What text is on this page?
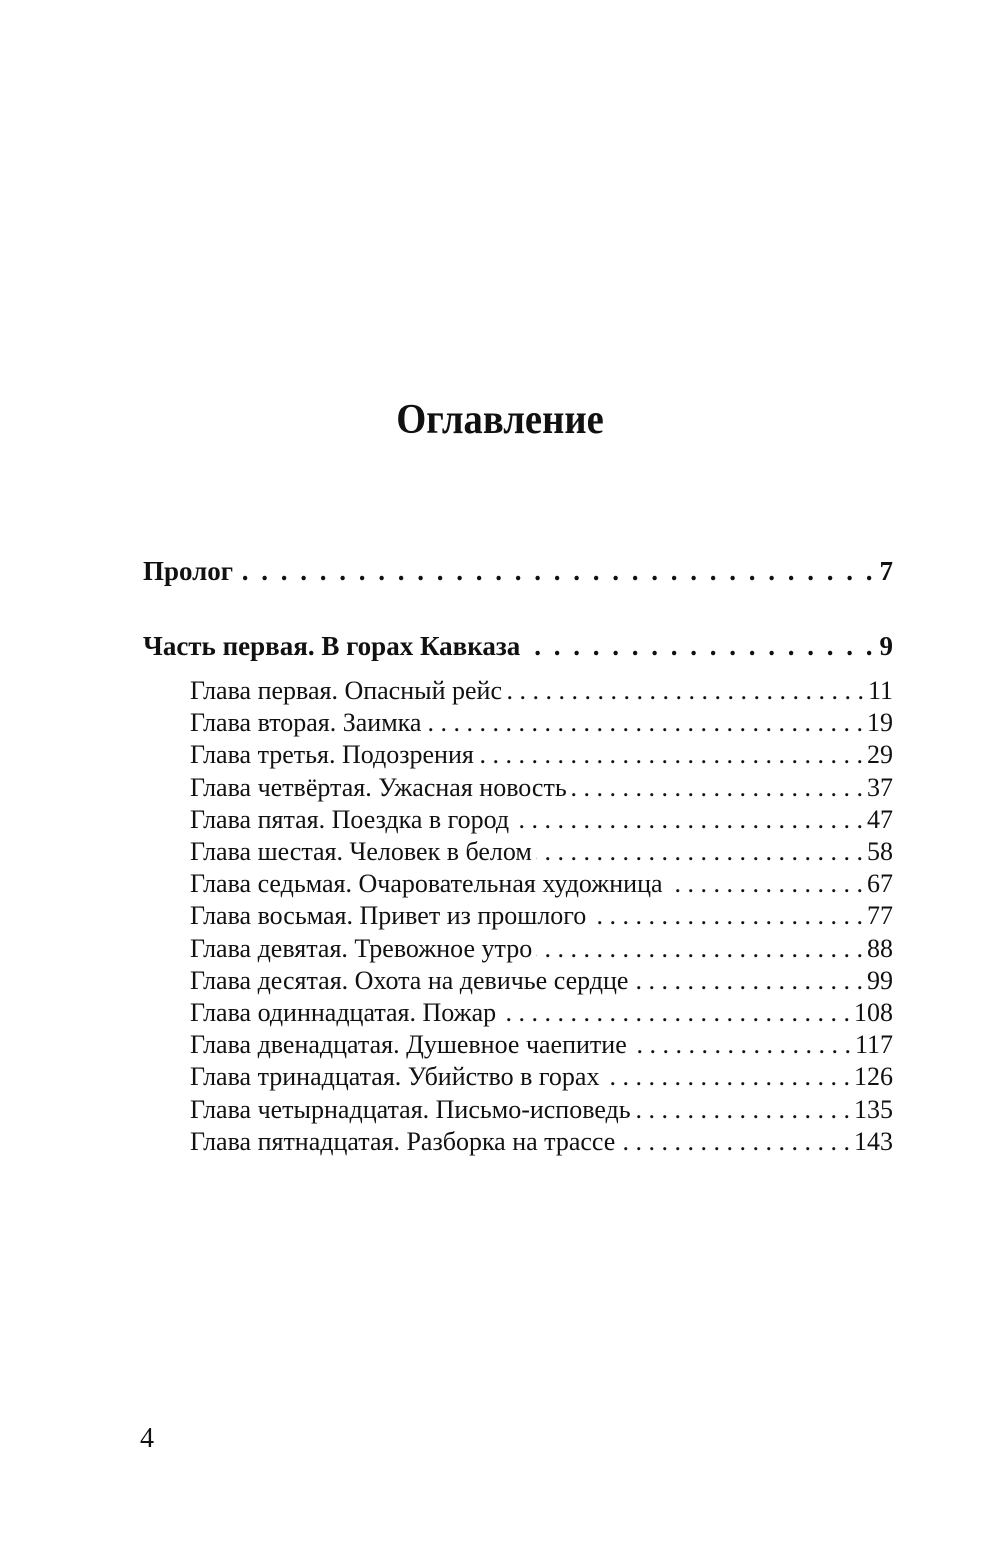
Оглавление
Пролог . . .	7
Часть первая. В горах Кавказа . . .	9
Глава первая. Опасный рейс . . .	11
Глава вторая. Заимка . . .	19
Глава третья. Подозрения . . .	29
Глава четвёртая. Ужасная новость . . .	37
Глава пятая. Поездка в город . . .	47
Глава шестая. Человек в белом . . .	58
Глава седьмая. Очаровательная художница . . .	67
Глава восьмая. Привет из прошлого . . .	77
Глава девятая. Тревожное утро . . .	88
Глава десятая. Охота на девичье сердце . . .	99
Глава одиннадцатая. Пожар . . .	108
Глава двенадцатая. Душевное чаепитие . . .	117
Глава тринадцатая. Убийство в горах . . .	126
Глава четырнадцатая. Письмо-исповедь . . .	135
Глава пятнадцатая. Разборка на трассе . . .	143
4
